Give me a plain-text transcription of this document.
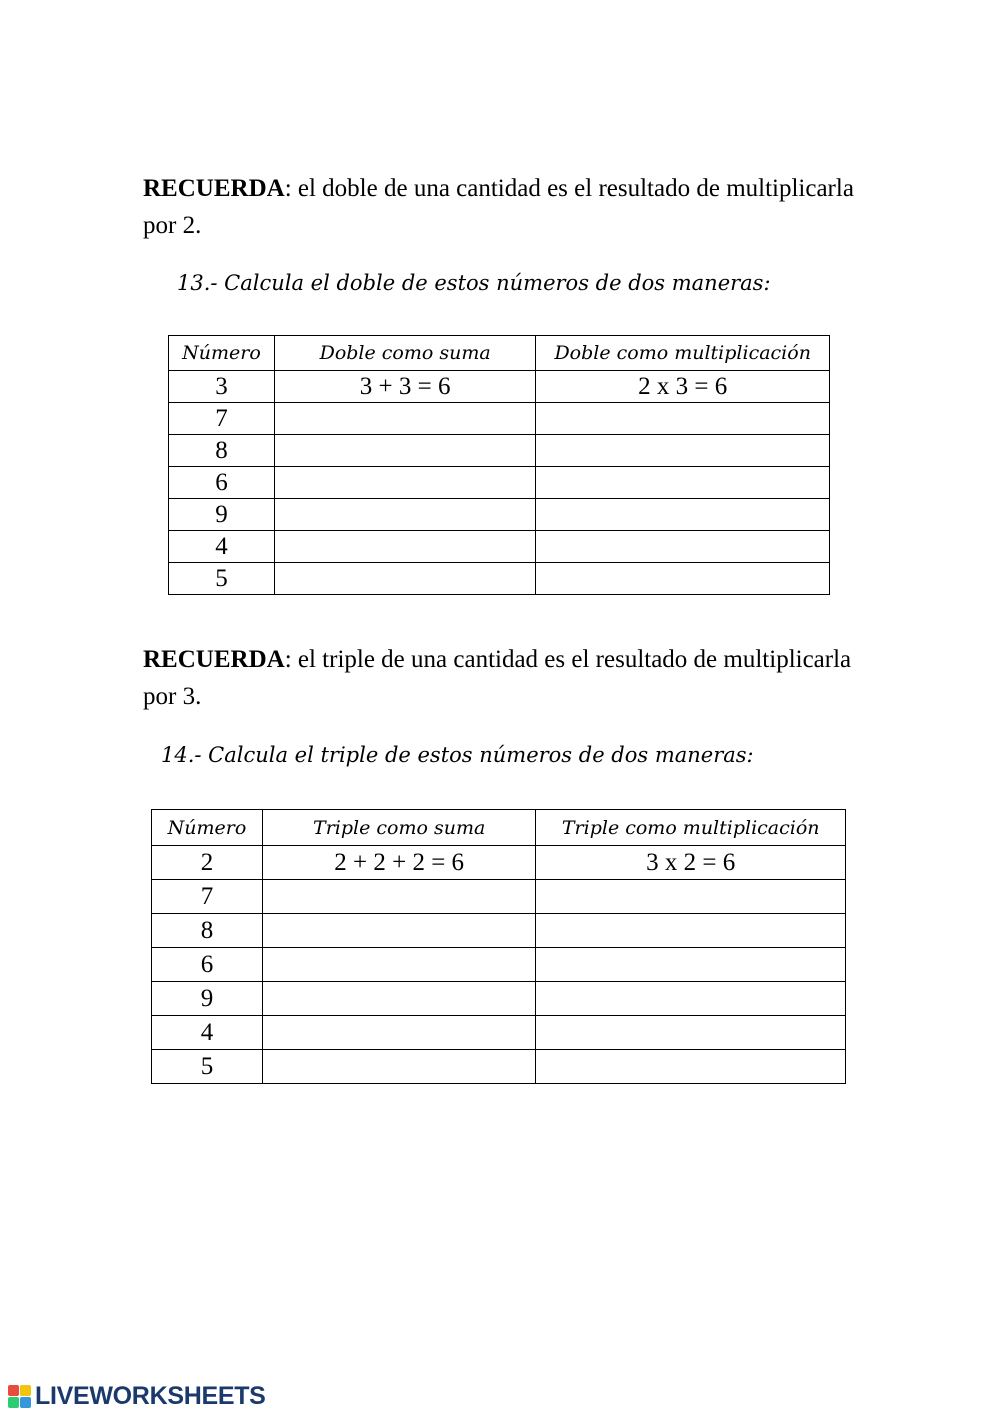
RECUERDA: el doble de una cantidad es el resultado de multiplicarla por 2.

13.- Calcula el doble de estos números de dos maneras:
Número	Doble como suma	Doble como multiplicación
3	3 + 3 = 6	2 x 3 = 6
7		
8		
6		
9		
4		
5		

RECUERDA: el triple de una cantidad es el resultado de multiplicarla por 3.

14.- Calcula el triple de estos números de dos maneras:
Número	Triple como suma	Triple como multiplicación
2	2 + 2 + 2 = 6	3 x 2 = 6
7		
8		
6		
9		
4		
5		
LIVEWORKSHEETS
